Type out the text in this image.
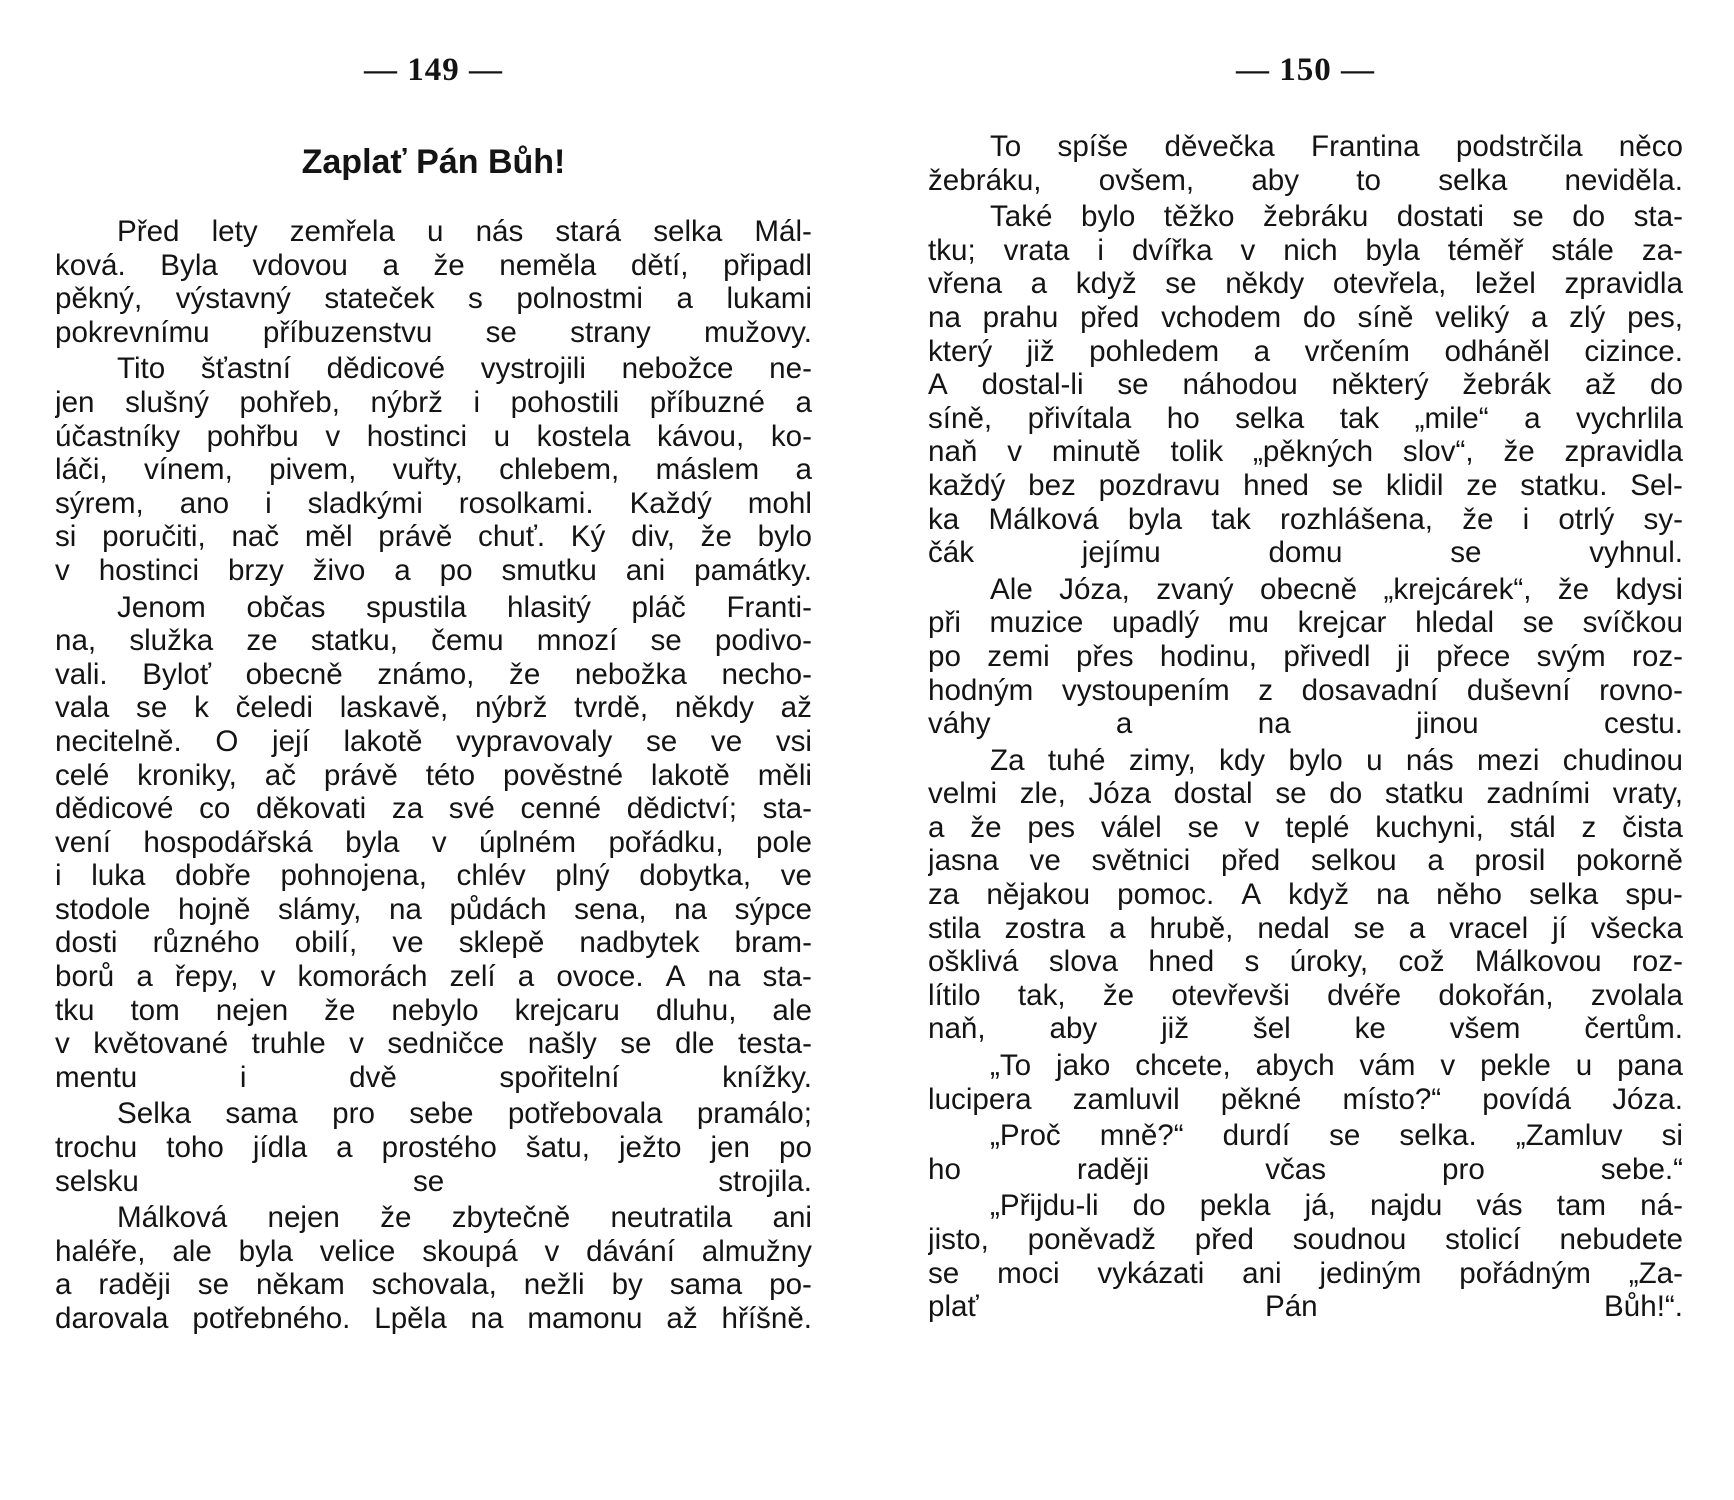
— 149 —
Zaplať Pán Bůh!
Před lety zemřela u nás stará selka Mál-
ková. Byla vdovou a že neměla dětí, připadl
pěkný, výstavný stateček s polnostmi a lukami
pokrevnímu příbuzenstvu se strany mužovy.
Tito šťastní dědicové vystrojili nebožce ne-
jen slušný pohřeb, nýbrž i pohostili příbuzné a
účastníky pohřbu v hostinci u kostela kávou, ko-
láči, vínem, pivem, vuřty, chlebem, máslem a
sýrem, ano i sladkými rosolkami. Každý mohl
si poručiti, nač měl právě chuť. Ký div, že bylo
v hostinci brzy živo a po smutku ani památky.
Jenom občas spustila hlasitý pláč Franti-
na, služka ze statku, čemu mnozí se podivo-
vali. Byloť obecně známo, že nebožka necho-
vala se k čeledi laskavě, nýbrž tvrdě, někdy až
necitelně. O její lakotě vypravovaly se ve vsi
celé kroniky, ač právě této pověstné lakotě měli
dědicové co děkovati za své cenné dědictví; sta-
vení hospodářská byla v úplném pořádku, pole
i luka dobře pohnojena, chlév plný dobytka, ve
stodole hojně slámy, na půdách sena, na sýpce
dosti různého obilí, ve sklepě nadbytek bram-
borů a řepy, v komorách zelí a ovoce. A na sta-
tku tom nejen že nebylo krejcaru dluhu, ale
v květované truhle v sedničce našly se dle testa-
mentu i dvě spořitelní knížky.
Selka sama pro sebe potřebovala pramálo;
trochu toho jídla a prostého šatu, ježto jen po
selsku se strojila.
Málková nejen že zbytečně neutratila ani
haléře, ale byla velice skoupá v dávání almužny
a raději se někam schovala, nežli by sama po-
darovala potřebného. Lpěla na mamonu až hříšně.
— 150 —
To spíše děvečka Frantina podstrčila něco
žebráku, ovšem, aby to selka neviděla.
Také bylo těžko žebráku dostati se do sta-
tku; vrata i dvířka v nich byla téměř stále za-
vřena a když se někdy otevřela, ležel zpravidla
na prahu před vchodem do síně veliký a zlý pes,
který již pohledem a vrčením odháněl cizince.
A dostal-li se náhodou některý žebrák až do
síně, přivítala ho selka tak „mile“ a vychrlila
naň v minutě tolik „pěkných slov“, že zpravidla
každý bez pozdravu hned se klidil ze statku. Sel-
ka Málková byla tak rozhlášena, že i otrlý sy-
čák jejímu domu se vyhnul.
Ale Józa, zvaný obecně „krejcárek“, že kdysi
při muzice upadlý mu krejcar hledal se svíčkou
po zemi přes hodinu, přivedl ji přece svým roz-
hodným vystoupením z dosavadní duševní rovno-
váhy a na jinou cestu.
Za tuhé zimy, kdy bylo u nás mezi chudinou
velmi zle, Józa dostal se do statku zadními vraty,
a že pes válel se v teplé kuchyni, stál z čista
jasna ve světnici před selkou a prosil pokorně
za nějakou pomoc. A když na něho selka spu-
stila zostra a hrubě, nedal se a vracel jí všecka
ošklivá slova hned s úroky, což Málkovou roz-
lítilo tak, že otevřevši dvéře dokořán, zvolala
naň, aby již šel ke všem čertům.
„To jako chcete, abych vám v pekle u pana
lucipera zamluvil pěkné místo?“ povídá Józa.
„Proč mně?“ durdí se selka. „Zamluv si
ho raději včas pro sebe.“
„Přijdu-li do pekla já, najdu vás tam ná-
jisto, poněvadž před soudnou stolicí nebudete
se moci vykázati ani jediným pořádným „Za-
plať Pán Bůh!“.
